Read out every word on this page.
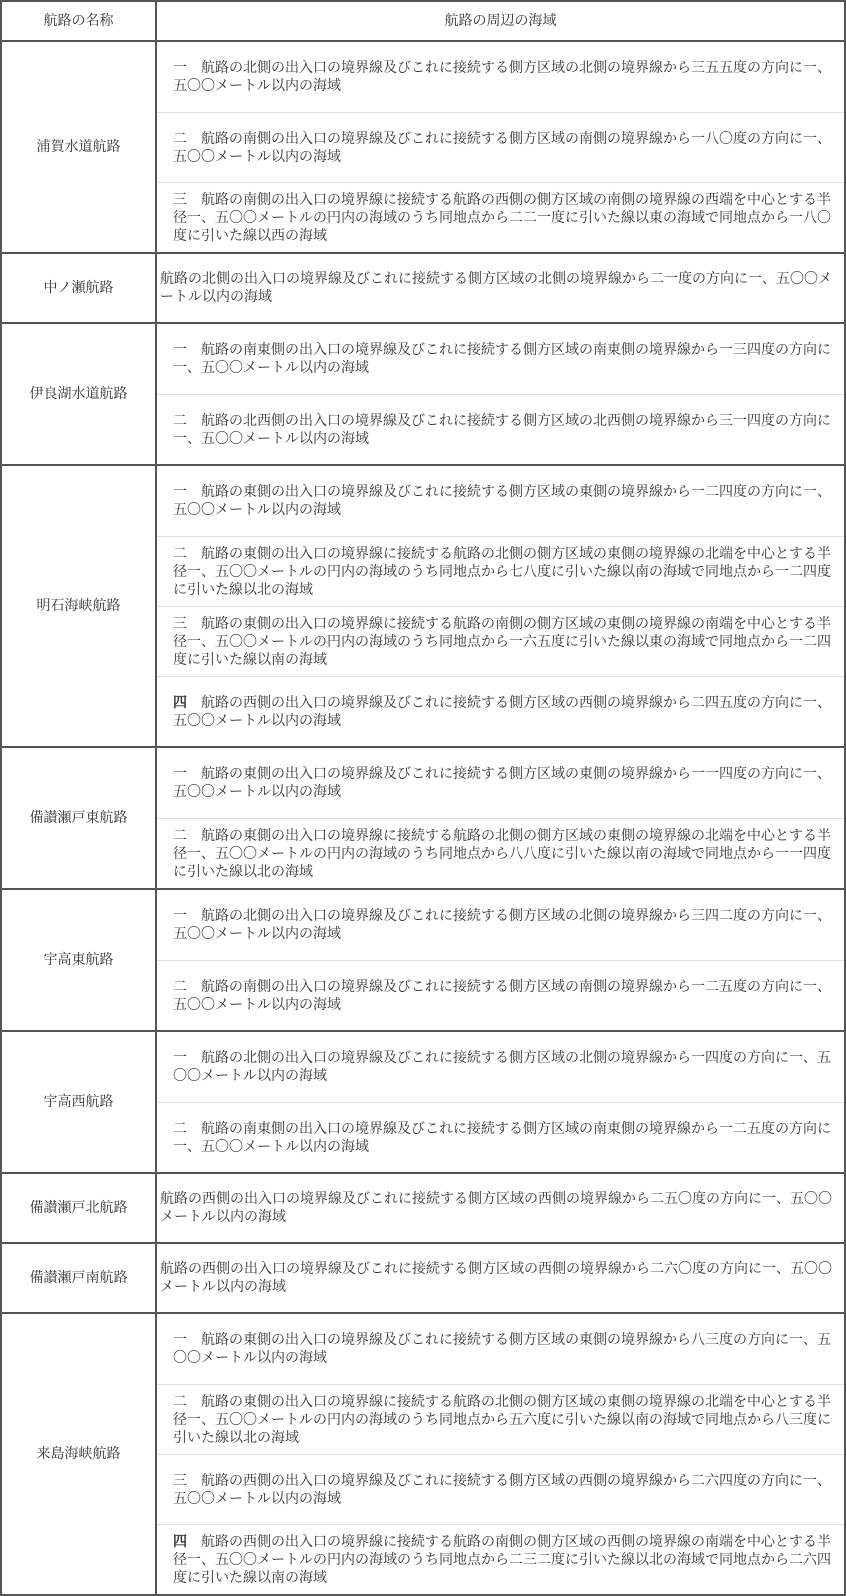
航路の名称	航路の周辺の海域
浦賀水道航路	一　 航路の北側の出入口の境界線及びこれに接続する側方区域の北側の境界線から三五五度の方向に一、五〇〇メートル以内の海域
二　 航路の南側の出入口の境界線及びこれに接続する側方区域の南側の境界線から一八〇度の方向に一、五〇〇メートル以内の海域
三　 航路の南側の出入口の境界線に接続する航路の西側の側方区域の南側の境界線の西端を中心とする半径一、五〇〇メートルの円内の海域のうち同地点から二二一度に引いた線以東の海域で同地点から一八〇度に引いた線以西の海域

中ノ瀬航路	航路の北側の出入口の境界線及びこれに接続する側方区域の北側の境界線から二一度の方向に一、五〇〇メートル以内の海域

伊良湖水道航路	一　 航路の南東側の出入口の境界線及びこれに接続する側方区域の南東側の境界線から一三四度の方向に一、五〇〇メートル以内の海域
二　 航路の北西側の出入口の境界線及びこれに接続する側方区域の北西側の境界線から三一四度の方向に一、五〇〇メートル以内の海域

明石海峡航路	一　 航路の東側の出入口の境界線及びこれに接続する側方区域の東側の境界線から一二四度の方向に一、五〇〇メートル以内の海域
二　 航路の東側の出入口の境界線に接続する航路の北側の側方区域の東側の境界線の北端を中心とする半径一、五〇〇メートルの円内の海域のうち同地点から七八度に引いた線以南の海域で同地点から一二四度に引いた線以北の海域
三　 航路の東側の出入口の境界線に接続する航路の南側の側方区域の東側の境界線の南端を中心とする半径一、五〇〇メートルの円内の海域のうち同地点から一六五度に引いた線以東の海域で同地点から一二四度に引いた線以南の海域
四　 航路の西側の出入口の境界線及びこれに接続する側方区域の西側の境界線から二四五度の方向に一、五〇〇メートル以内の海域

備讃瀬戸東航路	一　 航路の東側の出入口の境界線及びこれに接続する側方区域の東側の境界線から一一四度の方向に一、五〇〇メートル以内の海域
二　 航路の東側の出入口の境界線に接続する航路の北側の側方区域の東側の境界線の北端を中心とする半径一、五〇〇メートルの円内の海域のうち同地点から八八度に引いた線以南の海域で同地点から一一四度に引いた線以北の海域

宇高東航路	一　 航路の北側の出入口の境界線及びこれに接続する側方区域の北側の境界線から三四二度の方向に一、五〇〇メートル以内の海域
二　 航路の南側の出入口の境界線及びこれに接続する側方区域の南側の境界線から一二五度の方向に一、五〇〇メートル以内の海域

宇高西航路	一　 航路の北側の出入口の境界線及びこれに接続する側方区域の北側の境界線から一四度の方向に一、五〇〇メートル以内の海域
二　 航路の南東側の出入口の境界線及びこれに接続する側方区域の南東側の境界線から一二五度の方向に一、五〇〇メートル以内の海域

備讃瀬戸北航路	航路の西側の出入口の境界線及びこれに接続する側方区域の西側の境界線から二五〇度の方向に一、五〇〇メートル以内の海域

備讃瀬戸南航路	航路の西側の出入口の境界線及びこれに接続する側方区域の西側の境界線から二六〇度の方向に一、五〇〇メートル以内の海域

来島海峡航路	一　 航路の東側の出入口の境界線及びこれに接続する側方区域の東側の境界線から八三度の方向に一、五〇〇メートル以内の海域
二　 航路の東側の出入口の境界線に接続する航路の北側の側方区域の東側の境界線の北端を中心とする半径一、五〇〇メートルの円内の海域のうち同地点から五六度に引いた線以南の海域で同地点から八三度に引いた線以北の海域
三　 航路の西側の出入口の境界線及びこれに接続する側方区域の西側の境界線から二六四度の方向に一、五〇〇メートル以内の海域
四　 航路の西側の出入口の境界線に接続する航路の南側の側方区域の西側の境界線の南端を中心とする半径一、五〇〇メートルの円内の海域のうち同地点から二三二度に引いた線以北の海域で同地点から二六四度に引いた線以南の海域
